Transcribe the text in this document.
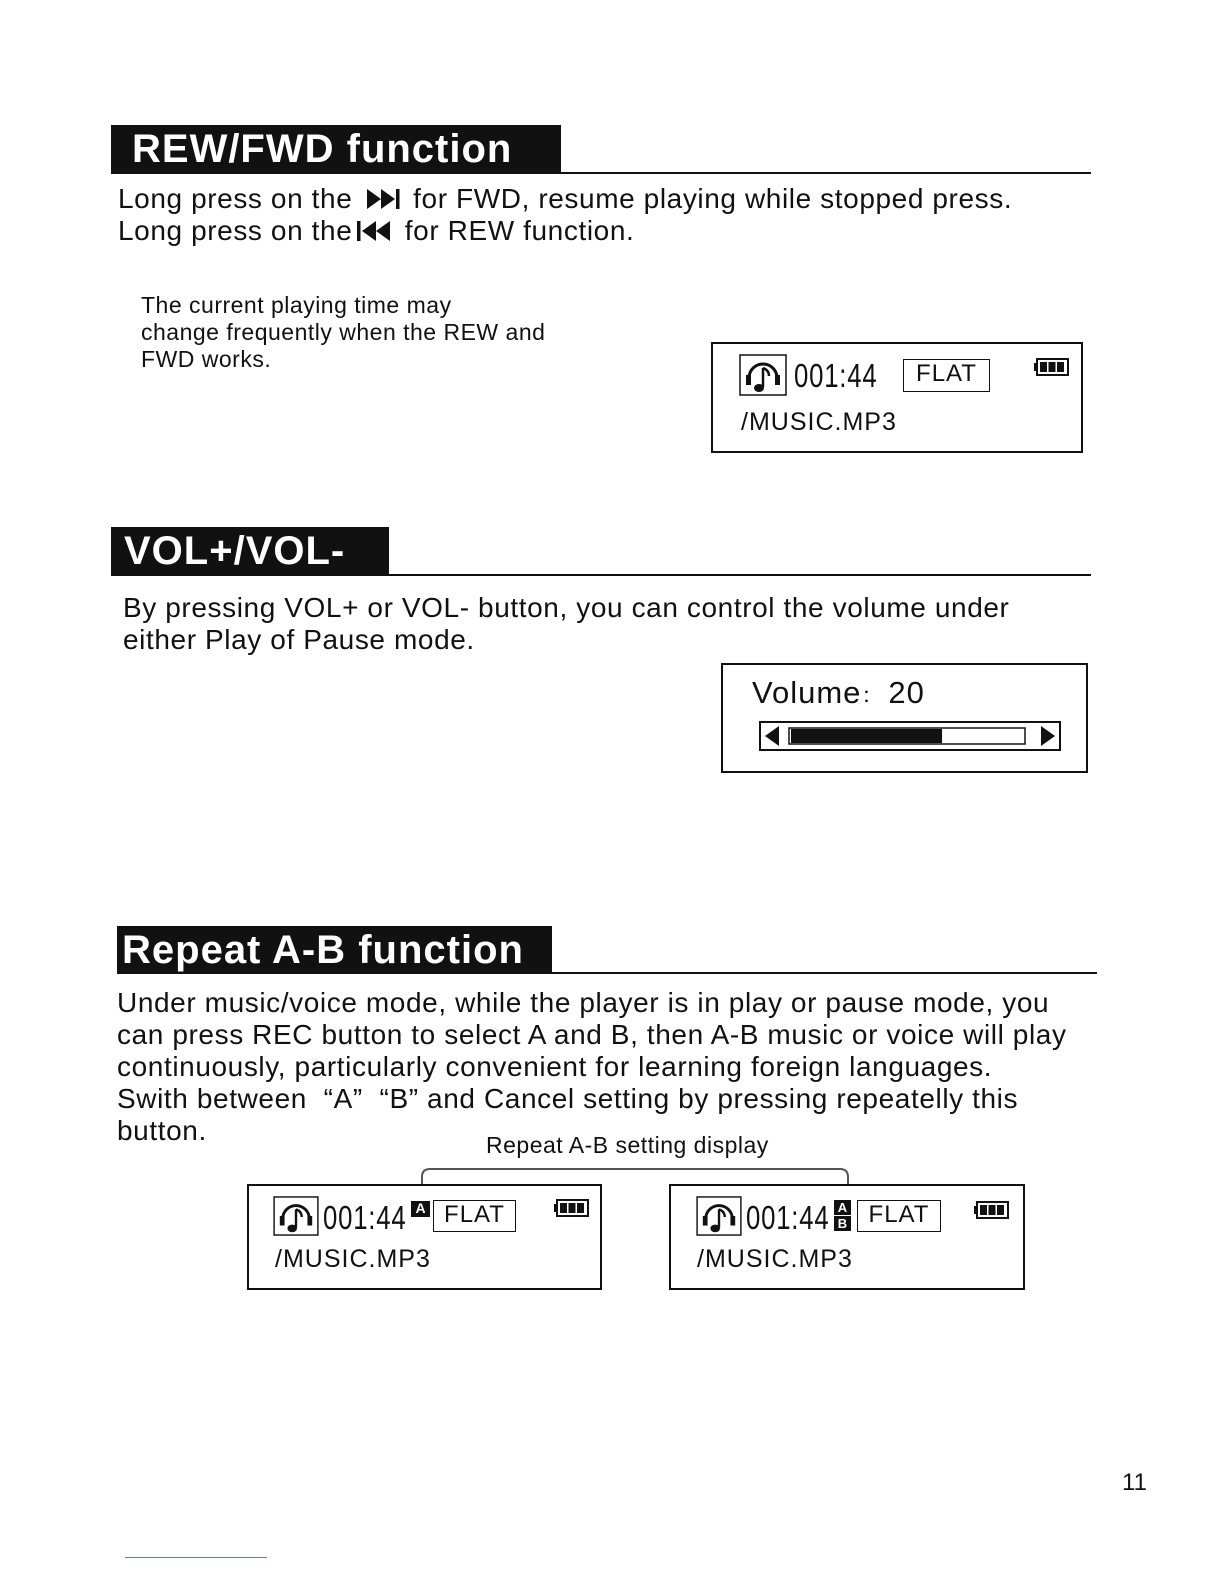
REW/FWD function
Long press on the for FWD, resume playing while stopped press.
Long press on the for REW function.
The current playing time may
change frequently when the REW and
FWD works.	001:44	FLAT
/MUSIC.MP3
VOL+/VOL-
By pressing VOL+ or VOL- button, you can control the volume under
either Play of Pause mode.
Volume： 20
Repeat A-B function
Under music/voice mode, while the player is in play or pause mode, you
can press REC button to select A and B, then A-B music or voice will play
continuously, particularly convenient for learning foreign languages.
Swith between  “A”  “B” and Cancel setting by pressing repeatelly this
button.	Repeat A-B setting display
001:44 A FLAT
/MUSIC.MP3
001:44 A
B FLAT
/MUSIC.MP3
11
